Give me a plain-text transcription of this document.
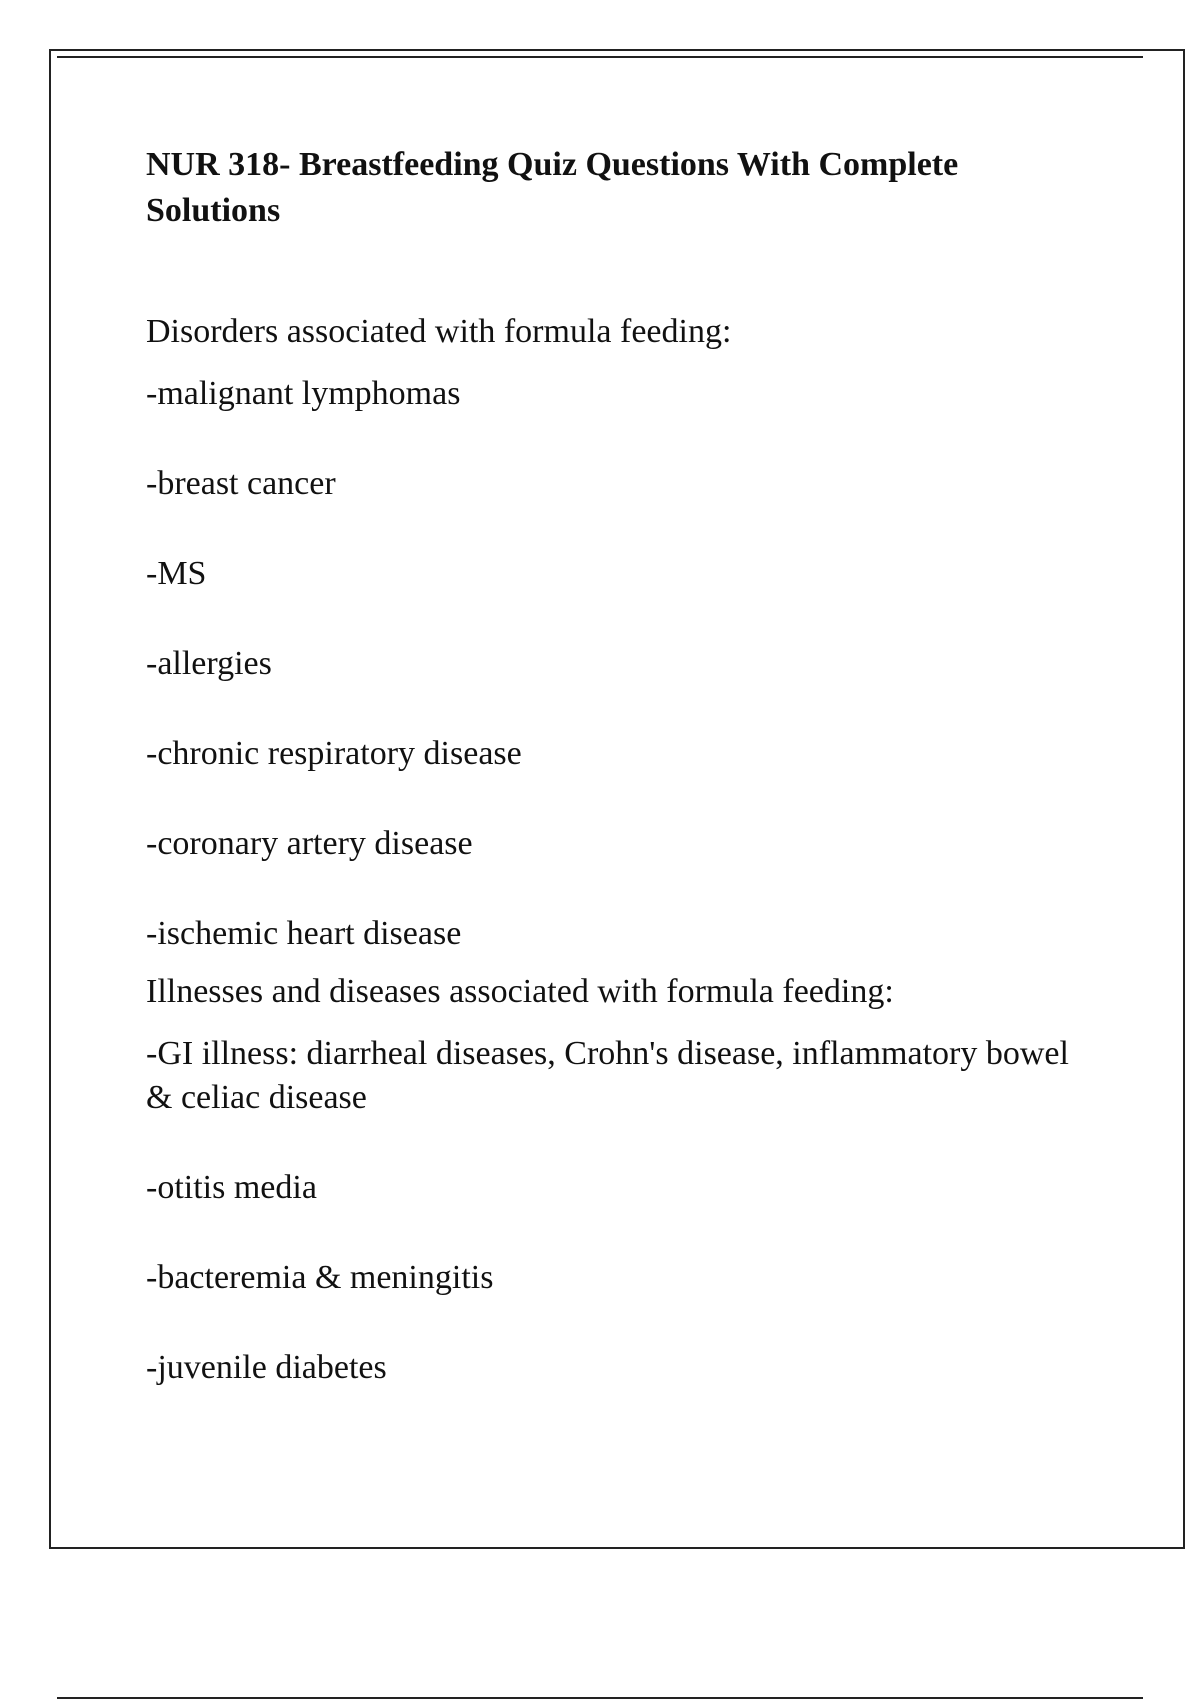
NUR 318- Breastfeeding Quiz Questions With Complete Solutions

Disorders associated with formula feeding:

-malignant lymphomas

-breast cancer

-MS

-allergies

-chronic respiratory disease

-coronary artery disease

-ischemic heart disease

Illnesses and diseases associated with formula feeding:

-GI illness: diarrheal diseases, Crohn's disease, inflammatory bowel & celiac disease

-otitis media

-bacteremia & meningitis

-juvenile diabetes
